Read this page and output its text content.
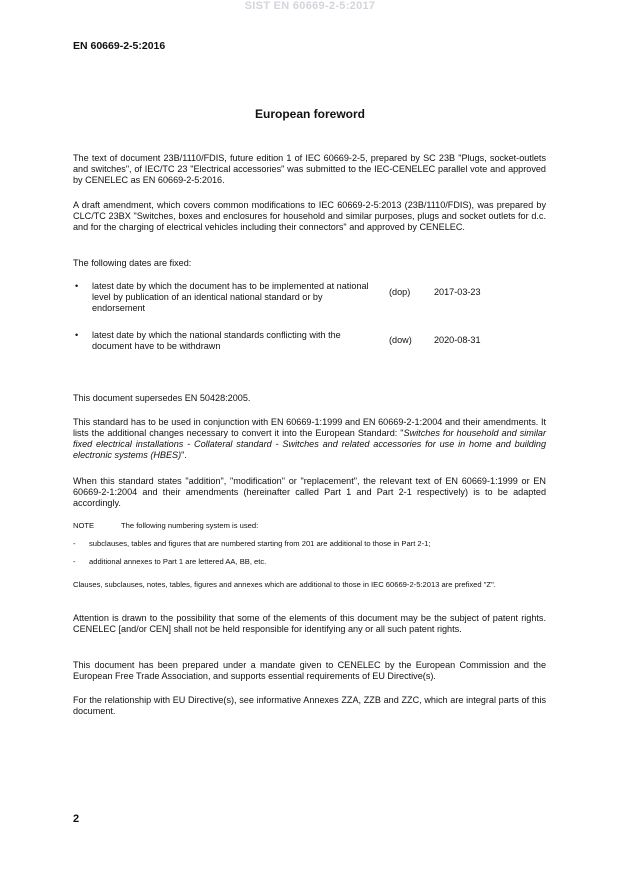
SIST EN 60669-2-5:2017
EN 60669-2-5:2016
European foreword

The text of document 23B/1110/FDIS, future edition 1 of IEC 60669-2-5, prepared by SC 23B "Plugs, socket-outlets and switches", of IEC/TC 23 "Electrical accessories" was submitted to the IEC-CENELEC parallel vote and approved by CENELEC as EN 60669-2-5:2016.

A draft amendment, which covers common modifications to IEC 60669-2-5:2013 (23B/1110/FDIS), was prepared by CLC/TC 23BX "Switches, boxes and enclosures for household and similar purposes, plugs and socket outlets for d.c. and for the charging of electrical vehicles including their connectors" and approved by CENELEC.

The following dates are fixed:

• latest date by which the document has to be implemented at national level by publication of an identical national standard or by endorsement
(dop)	2017-03-23
• latest date by which the national standards conflicting with the document have to be withdrawn
(dow) 2020-08-31

This document supersedes EN 50428:2005.

This standard has to be used in conjunction with EN 60669-1:1999 and EN 60669-2-1:2004 and their amendments. It lists the additional changes necessary to convert it into the European Standard: "Switches for household and similar fixed electrical installations - Collateral standard - Switches and related accessories for use in home and building electronic systems (HBES)".

When this standard states "addition", "modification" or "replacement", the relevant text of EN 60669-1:1999 or EN 60669-2-1:2004 and their amendments (hereinafter called Part 1 and Part 2-1 respectively) is to be adapted accordingly.

NOTE	The following numbering system is used:
- subclauses, tables and figures that are numbered starting from 201 are additional to those in Part 2-1;
- additional annexes to Part 1 are lettered AA, BB, etc.

Clauses, subclauses, notes, tables, figures and annexes which are additional to those in IEC 60669-2-5:2013 are prefixed "Z".

Attention is drawn to the possibility that some of the elements of this document may be the subject of patent rights. CENELEC [and/or CEN] shall not be held responsible for identifying any or all such patent rights.

This document has been prepared under a mandate given to CENELEC by the European Commission and the European Free Trade Association, and supports essential requirements of EU Directive(s).

For the relationship with EU Directive(s), see informative Annexes ZZA, ZZB and ZZC, which are integral parts of this document.

2
